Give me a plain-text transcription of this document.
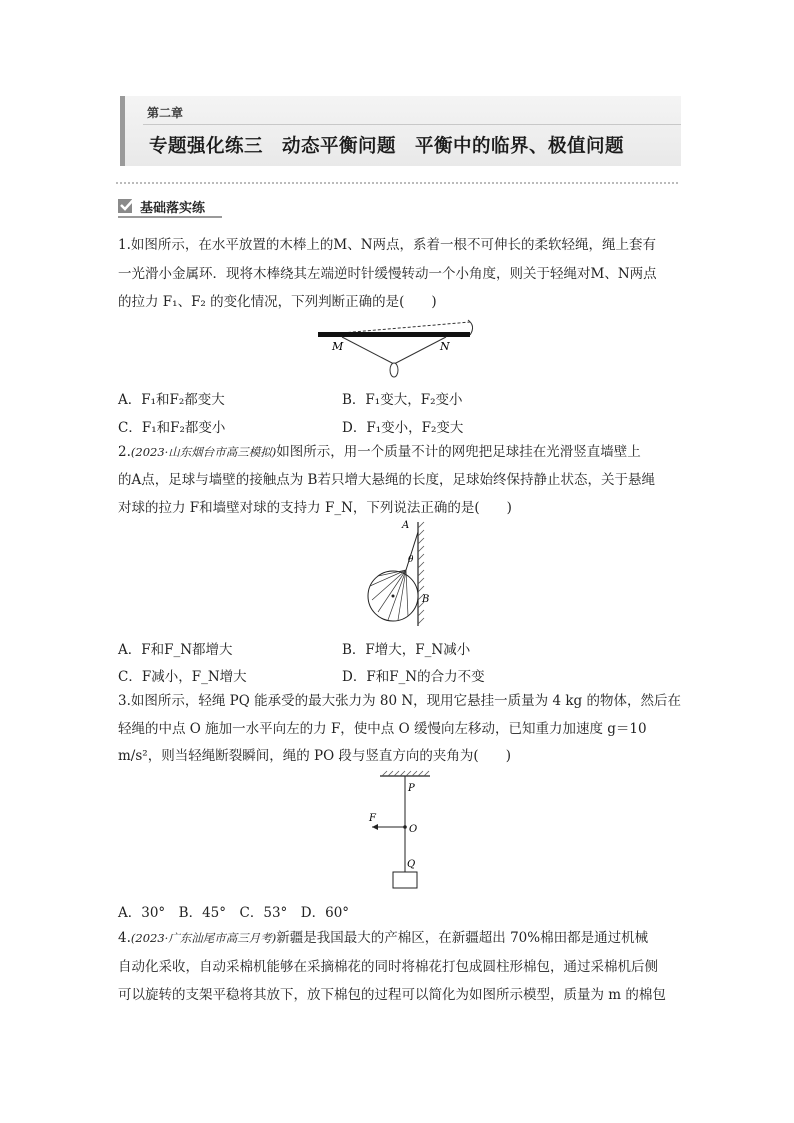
第二章
专题强化练三　动态平衡问题　平衡中的临界、极值问题
基础落实练
1.如图所示，在水平放置的木棒上的M、N两点，系着一根不可伸长的柔软轻绳，绳上套有
一光滑小金属环．现将木棒绕其左端逆时针缓慢转动一个小角度，则关于轻绳对M、N两点
的拉力 F₁、F₂ 的变化情况，下列判断正确的是(　　)
M	N
A．F₁和F₂都变大	B．F₁变大，F₂变小
C．F₁和F₂都变小	D．F₁变小，F₂变大
2.(2023·山东烟台市高三模拟)如图所示，用一个质量不计的网兜把足球挂在光滑竖直墙壁上
的A点，足球与墙壁的接触点为 B若只增大悬绳的长度，足球始终保持静止状态，关于悬绳
对球的拉力 F和墙壁对球的支持力 F_N，下列说法正确的是(　　)
A
θ
B
A．F和F_N都增大	B．F增大，F_N减小
C．F减小，F_N增大	D．F和F_N的合力不变
3.如图所示，轻绳 PQ 能承受的最大张力为 80 N，现用它悬挂一质量为 4 kg 的物体，然后在
轻绳的中点 O 施加一水平向左的力 F，使中点 O 缓慢向左移动，已知重力加速度 g＝10
m/s²，则当轻绳断裂瞬间，绳的 PO 段与竖直方向的夹角为(　　)
P
F
O
Q
A．30°　B．45°　C．53°　D．60°
4.(2023·广东汕尾市高三月考)新疆是我国最大的产棉区，在新疆超出 70%棉田都是通过机械
自动化采收，自动采棉机能够在采摘棉花的同时将棉花打包成圆柱形棉包，通过采棉机后侧
可以旋转的支架平稳将其放下，放下棉包的过程可以简化为如图所示模型，质量为 m 的棉包
